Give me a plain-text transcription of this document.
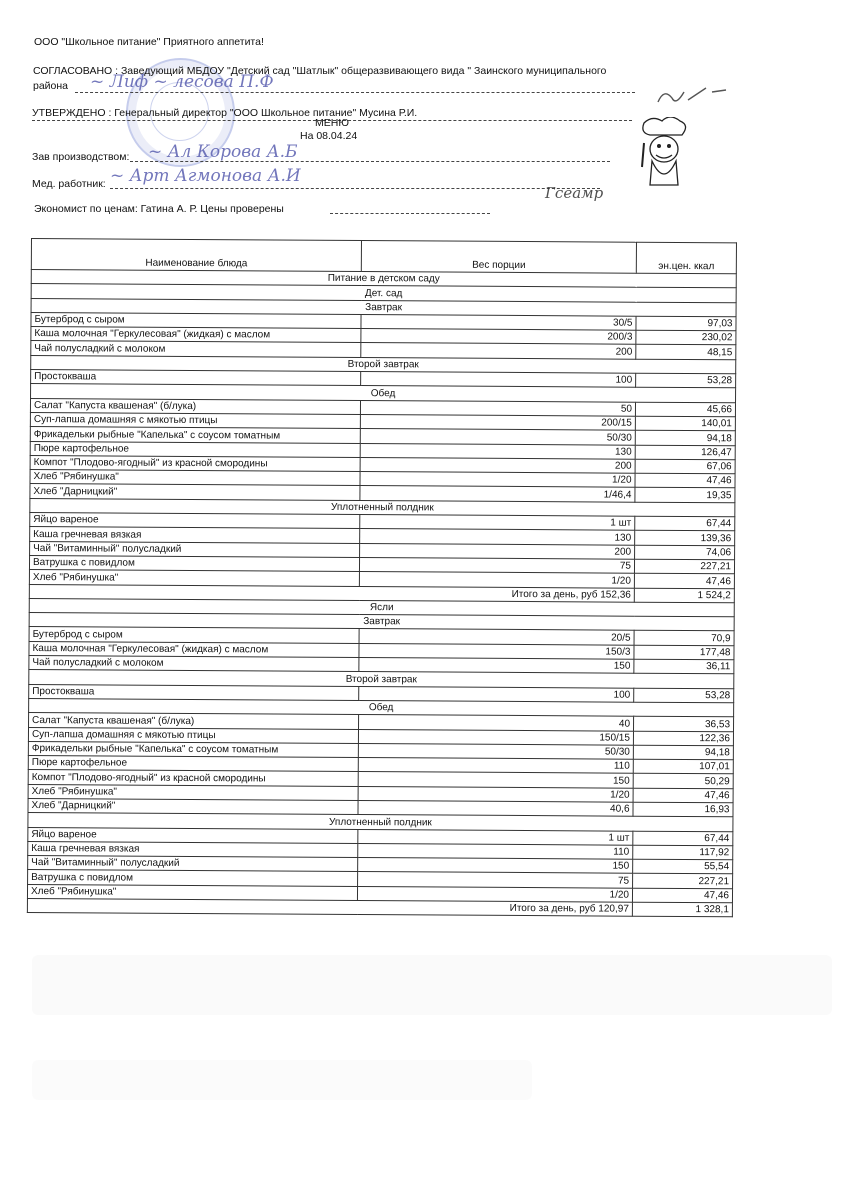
ООО "Школьное питание" Приятного аппетита!
СОГЛАСОВАНО : Заведующий МБДОУ "Детский сад "Шатлык" общеразвивающего вида " Заинского муниципального
района ~ Лиф ~ лесова П.Ф
УТВЕРЖДЕНО : Генеральный директор "ООО Школьное питание" Мусина Р.И.
МЕНЮ
На 08.04.24
Зав производством: ~ Ал Корова А.Б
Мед. работник: ~ Арт Агмонова А.И
Экономист по ценам: Гатина А. Р. Цены проверены
Гсеамр
Наименование блюда	Вес порции	эн.цен. ккал
Питание в детском саду		
Дет. сад		
Завтрак		
Бутерброд с сыром	30/5	97,03
Каша молочная "Геркулесовая" (жидкая) с маслом	200/3	230,02
Чай полусладкий с молоком	200	48,15
Второй завтрак		
Простокваша	100	53,28
Обед		
Салат "Капуста квашеная" (б/лука)	50	45,66
Суп-лапша домашняя с мякотью птицы	200/15	140,01
Фрикадельки рыбные "Капелька" с соусом томатным	50/30	94,18
Пюре картофельное	130	126,47
Компот "Плодово-ягодный" из красной смородины	200	67,06
Хлеб "Рябинушка"	1/20	47,46
Хлеб "Дарницкий"	1/46,4	19,35
Уплотненный полдник		
Яйцо вареное	1 шт	67,44
Каша гречневая вязкая	130	139,36
Чай "Витаминный" полусладкий	200	74,06
Ватрушка с повидлом	75	227,21
Хлеб "Рябинушка"	1/20	47,46
Итого за день, руб 152,36		1 524,2
Ясли		
Завтрак		
Бутерброд с сыром	20/5	70,9
Каша молочная "Геркулесовая" (жидкая) с маслом	150/3	177,48
Чай полусладкий с молоком	150	36,11
Второй завтрак		
Простокваша	100	53,28
Обед		
Салат "Капуста квашеная" (б/лука)	40	36,53
Суп-лапша домашняя с мякотью птицы	150/15	122,36
Фрикадельки рыбные "Капелька" с соусом томатным	50/30	94,18
Пюре картофельное	110	107,01
Компот "Плодово-ягодный" из красной смородины	150	50,29
Хлеб "Рябинушка"	1/20	47,46
Хлеб "Дарницкий"	40,6	16,93
Уплотненный полдник		
Яйцо вареное	1 шт	67,44
Каша гречневая вязкая	110	117,92
Чай "Витаминный" полусладкий	150	55,54
Ватрушка с повидлом	75	227,21
Хлеб "Рябинушка"	1/20	47,46
Итого за день, руб 120,97		1 328,1
